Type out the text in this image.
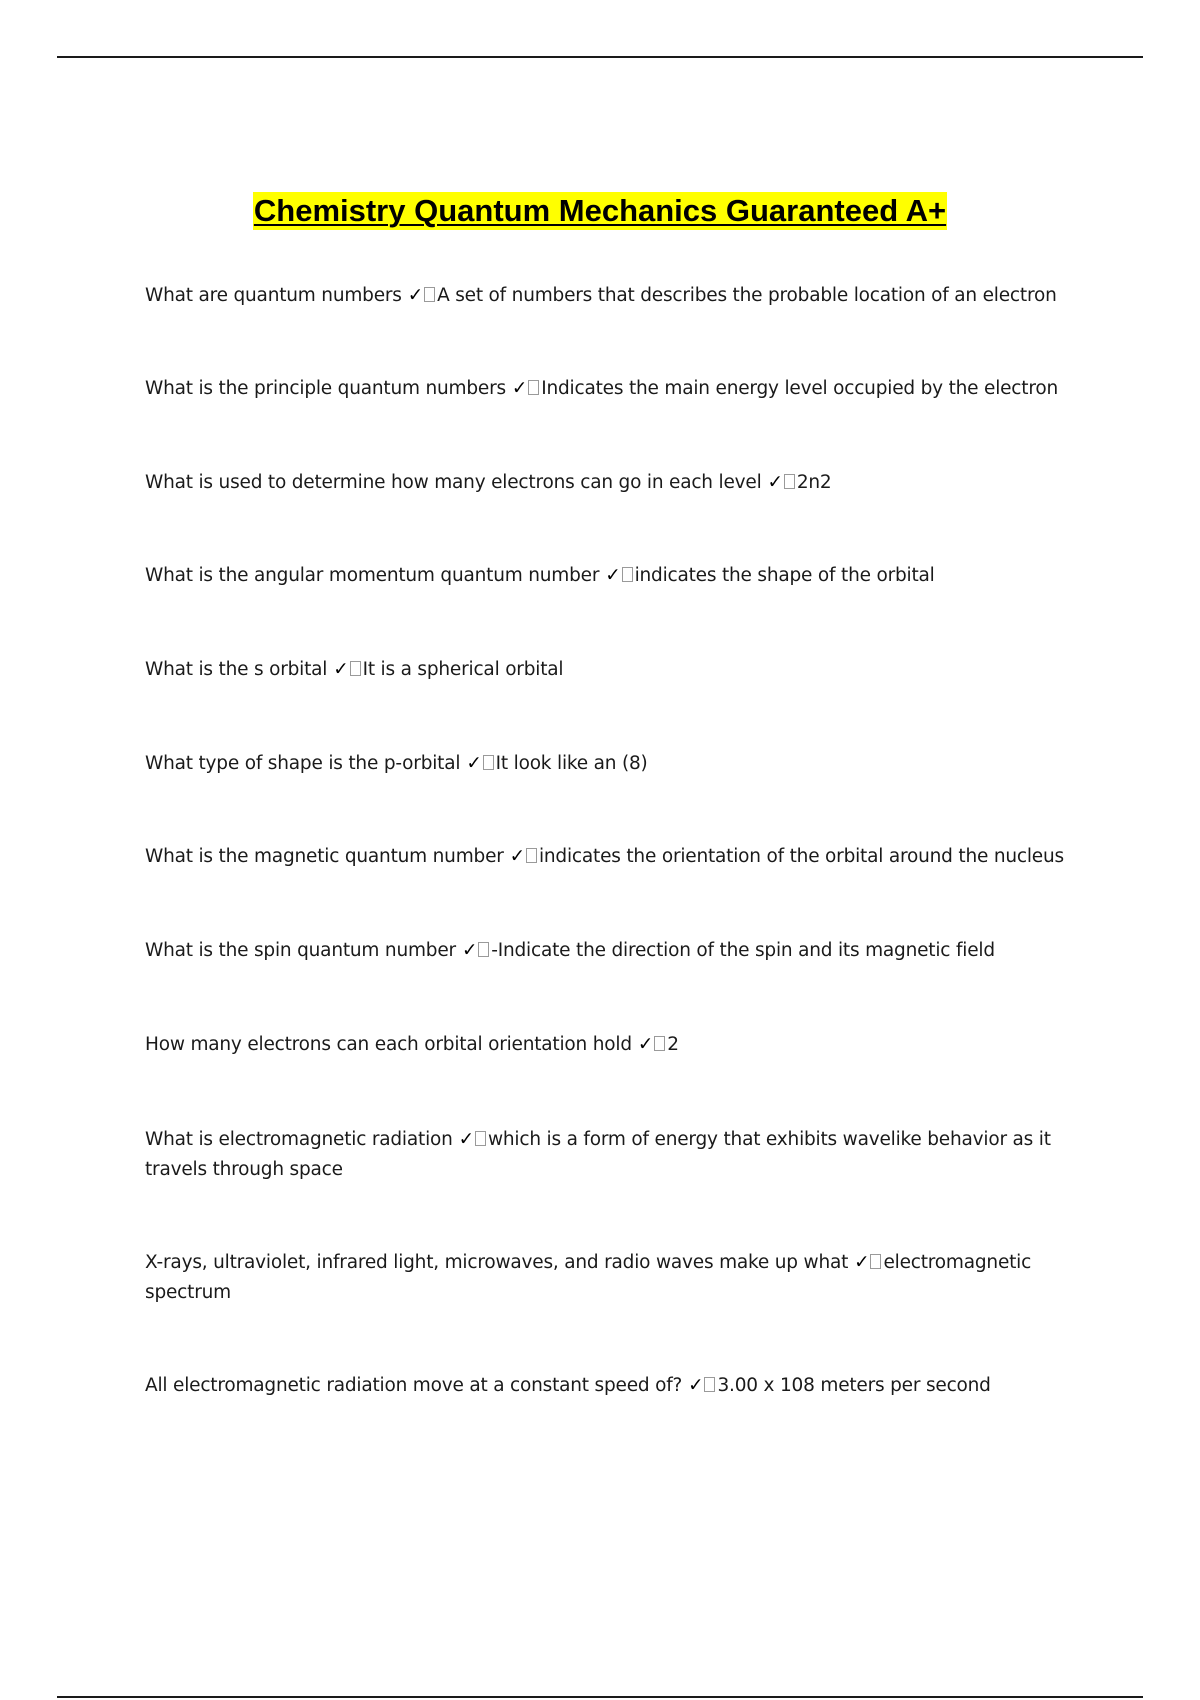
Chemistry Quantum Mechanics Guaranteed A+
What are quantum numbers ✓ A set of numbers that describes the probable location of an electron
What is the principle quantum numbers ✓ Indicates the main energy level occupied by the electron
What is used to determine how many electrons can go in each level ✓ 2n2
What is the angular momentum quantum number ✓ indicates the shape of the orbital
What is the s orbital ✓ It is a spherical orbital
What type of shape is the p-orbital ✓ It look like an (8)
What is the magnetic quantum number ✓ indicates the orientation of the orbital around the nucleus
What is the spin quantum number ✓ -Indicate the direction of the spin and its magnetic field
How many electrons can each orbital orientation hold ✓ 2
What is electromagnetic radiation ✓ which is a form of energy that exhibits wavelike behavior as it travels through space
X-rays, ultraviolet, infrared light, microwaves, and radio waves make up what ✓ electromagnetic spectrum
All electromagnetic radiation move at a constant speed of? ✓ 3.00 x 108 meters per second
